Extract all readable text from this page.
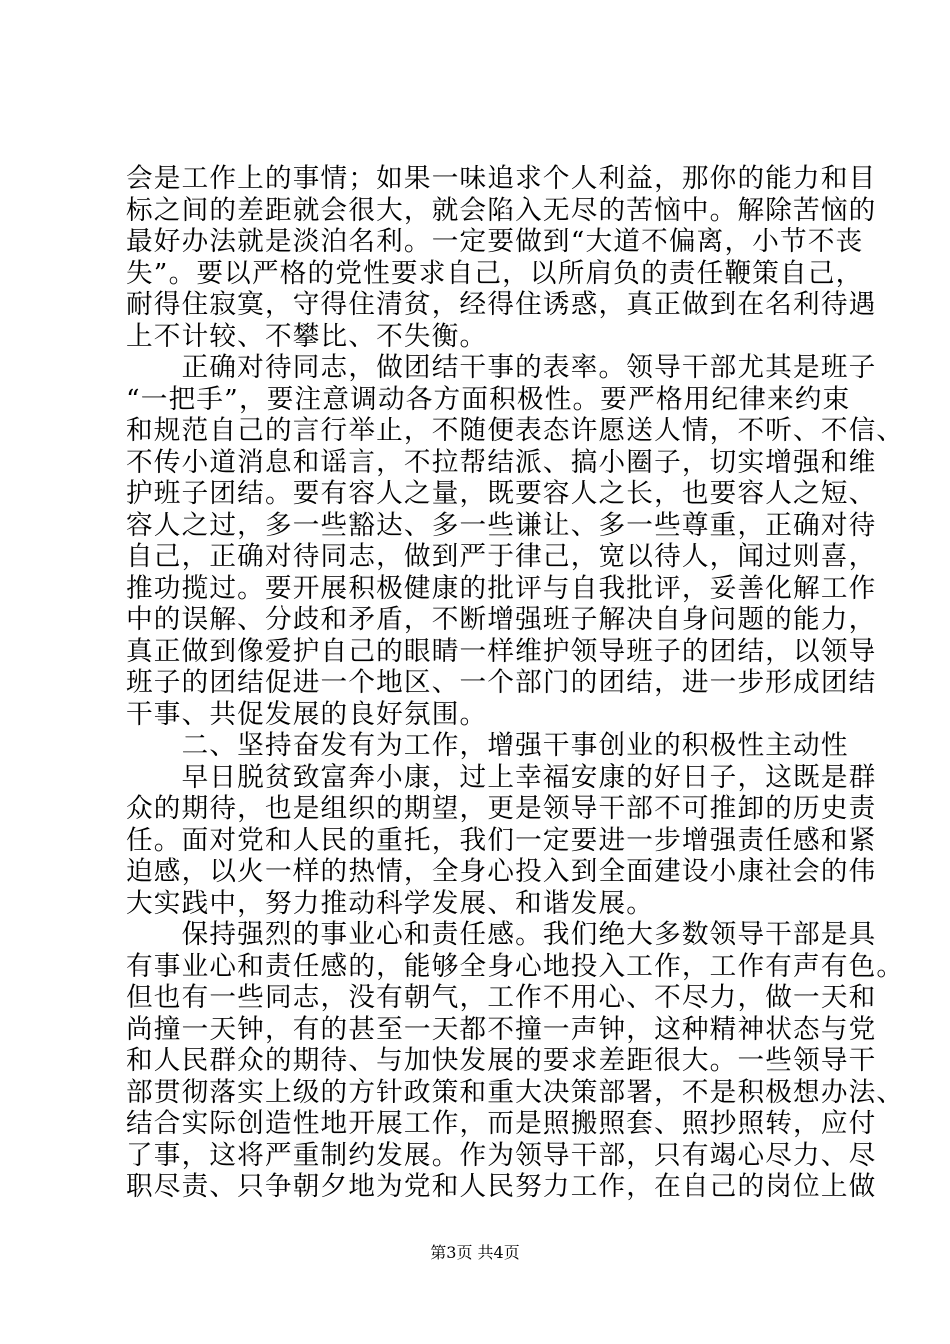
会是工作上的事情；如果一味追求个人利益，那你的能力和目
标之间的差距就会很大，就会陷入无尽的苦恼中。解除苦恼的
最好办法就是淡泊名利。一定要做到“大道不偏离，小节不丧
失”。要以严格的党性要求自己，以所肩负的责任鞭策自己，
耐得住寂寞，守得住清贫，经得住诱惑，真正做到在名利待遇
上不计较、不攀比、不失衡。
　　正确对待同志，做团结干事的表率。领导干部尤其是班子
“一把手”，要注意调动各方面积极性。要严格用纪律来约束
和规范自己的言行举止，不随便表态许愿送人情，不听、不信、
不传小道消息和谣言，不拉帮结派、搞小圈子，切实增强和维
护班子团结。要有容人之量，既要容人之长，也要容人之短、
容人之过，多一些豁达、多一些谦让、多一些尊重，正确对待
自己，正确对待同志，做到严于律己，宽以待人，闻过则喜，
推功揽过。要开展积极健康的批评与自我批评，妥善化解工作
中的误解、分歧和矛盾，不断增强班子解决自身问题的能力，
真正做到像爱护自己的眼睛一样维护领导班子的团结，以领导
班子的团结促进一个地区、一个部门的团结，进一步形成团结
干事、共促发展的良好氛围。
　　二、坚持奋发有为工作，增强干事创业的积极性主动性
　　早日脱贫致富奔小康，过上幸福安康的好日子，这既是群
众的期待，也是组织的期望，更是领导干部不可推卸的历史责
任。面对党和人民的重托，我们一定要进一步增强责任感和紧
迫感，以火一样的热情，全身心投入到全面建设小康社会的伟
大实践中，努力推动科学发展、和谐发展。
　　保持强烈的事业心和责任感。我们绝大多数领导干部是具
有事业心和责任感的，能够全身心地投入工作，工作有声有色。
但也有一些同志，没有朝气，工作不用心、不尽力，做一天和
尚撞一天钟，有的甚至一天都不撞一声钟，这种精神状态与党
和人民群众的期待、与加快发展的要求差距很大。一些领导干
部贯彻落实上级的方针政策和重大决策部署，不是积极想办法、
结合实际创造性地开展工作，而是照搬照套、照抄照转，应付
了事，这将严重制约发展。作为领导干部，只有竭心尽力、尽
职尽责、只争朝夕地为党和人民努力工作，在自己的岗位上做
第3页 共4页
